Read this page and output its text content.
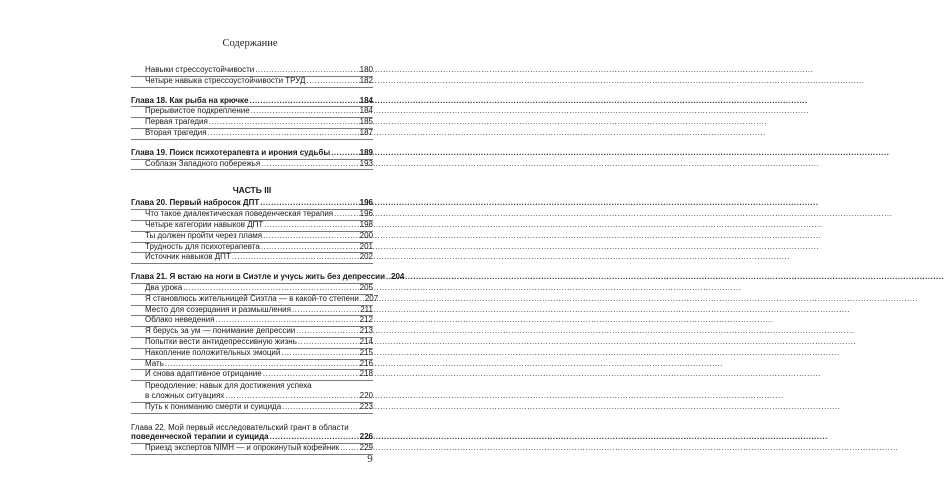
Содержание
Навыки стрессоустойчивости .....	180
Четыре навыка стрессоустойчивости ТРУД .....	182
Глава 18. Как рыба на крючке .....	184
Прерывистое подкрепление .....	184
Первая трагедия .....	185
Вторая трагедия .....	187
Глава 19. Поиск психотерапевта и ирония судьбы .....	189
Соблазн Западного побережья .....	193
ЧАСТЬ III
Глава 20. Первый набросок ДПТ .....	196
Что такое диалектическая поведенческая терапия .....	196
Четыре категории навыков ДПТ .....	198
Ты должен пройти через пламя .....	200
Трудность для психотерапевта .....	201
Источник навыков ДПТ .....	202
Глава 21. Я встаю на ноги в Сиэтле и учусь жить без депрессии ..... 204
Два урока .....	205
Я становлюсь жительницей Сиэтла — в какой-то степени ..... 207
Место для созерцания и размышления .....	211
Облако неведения .....	212
Я берусь за ум — понимание депрессии .....	213
Попытки вести антидепрессивную жизнь .....	214
Накопление положительных эмоций .....	215
Мать .....	216
И снова адаптивное отрицание .....	218
Преодоление: навык для достижения успеха
в сложных ситуациях .....	220
Путь к пониманию смерти и суицида .....	223
Глава 22. Мой первый исследовательский грант в области
поведенческой терапии и суицида .....	226
Приезд экспертов NIMH — и опрокинутый кофейник .....	229
9
